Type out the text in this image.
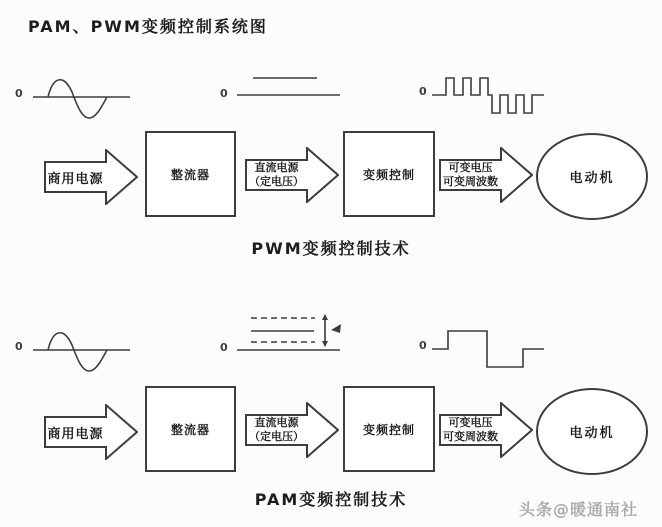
PAM、PWM变频控制系统图
0	0	0
商用电源	整流器	直流电源
（定电压）	变频控制	可变电压
可变周波数	电动机
PWM变频控制技术
0	0	0
商用电源	整流器	直流电源
（定电压）	变频控制	可变电压
可变周波数	电动机
PAM变频控制技术
头条@暖通南社
